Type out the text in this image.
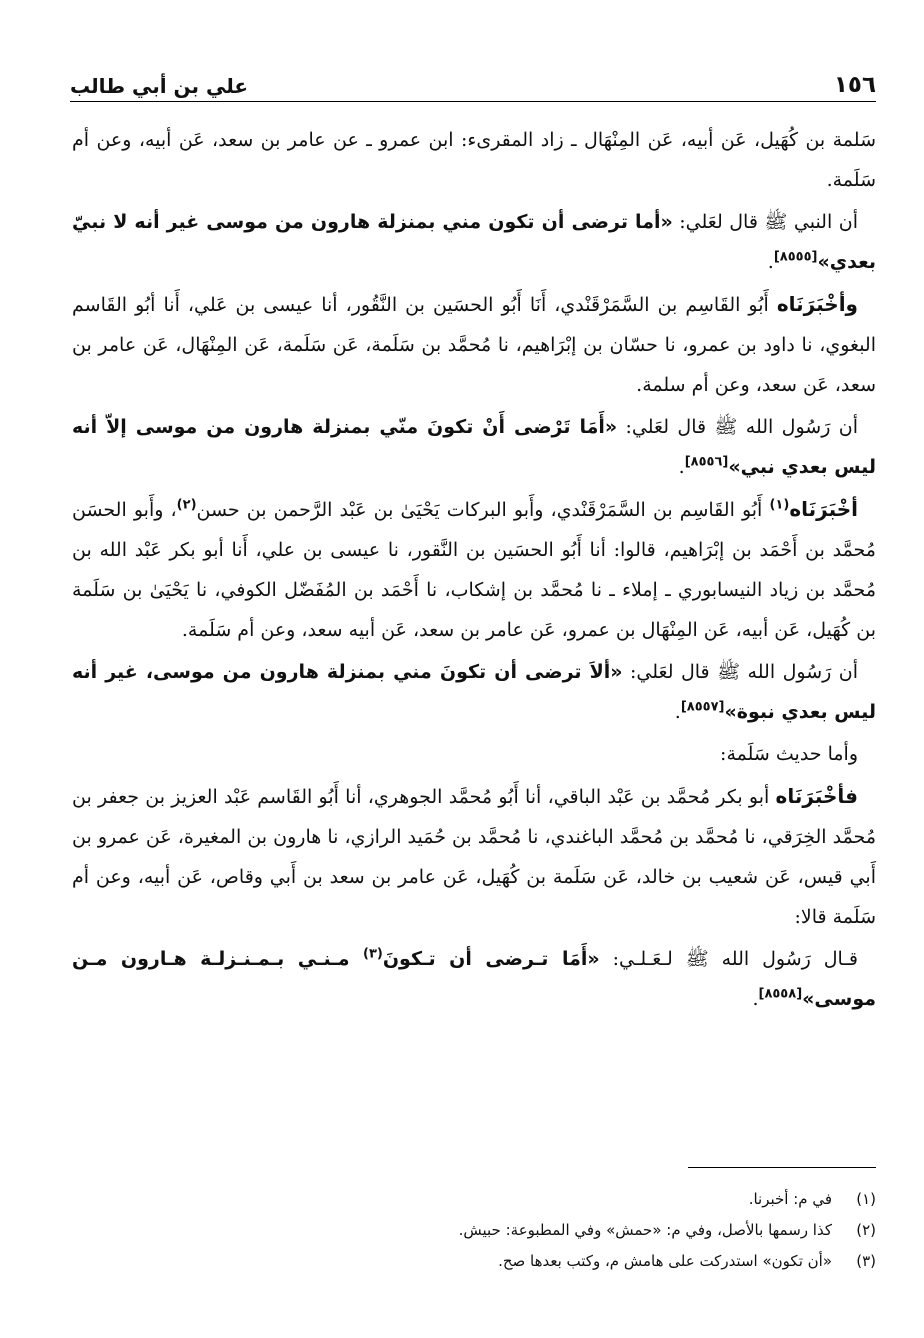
١٥٦
علي بن أبي طالب

سَلمة بن كُهَيل، عَن أبيه، عَن المِنْهَال ـ زاد المقرىء: ابن عمرو ـ عن عامر بن سعد، عَن أبيه، وعن أم سَلَمة.

أن النبي ﷺ قال لعَلي: «أما ترضى أن تكون مني بمنزلة هارون من موسى غير أنه لا نبيّ بعدي»[٨٥٥٥].

وأخْبَرَنَاه أَبُو القَاسِم بن السَّمَرْقَنْدي، أَنَا أَبُو الحسَين بن النَّقُور، أنا عيسى بن عَلي، أَنا أبُو القَاسم البغوي، نا داود بن عمرو، نا حسّان بن إبْرَاهيم، نا مُحمَّد بن سَلَمة، عَن سَلَمة، عَن المِنْهَال، عَن عامر بن سعد، عَن سعد، وعن أم سلمة.

أن رَسُول الله ﷺ قال لعَلي: «أَمَا تَرْضى أَنْ تكونَ منّي بمنزلة هارون من موسى إلاّ أنه ليس بعدي نبي»[٨٥٥٦].

أخْبَرَنَاه$^{(١)}$ أَبُو القَاسِم بن السَّمَرْقَنْدي، وأَبو البركات يَحْيَىٰ بن عَبْد الرَّحمن بن حسن$^{(٢)}$، وأَبو الحسَن مُحمَّد بن أَحْمَد بن إبْرَاهيم، قالوا: أنا أَبُو الحسَين بن النَّقور، نا عيسى بن علي، أَنا أبو بكر عَبْد الله بن مُحمَّد بن زياد النيسابوري ـ إملاء ـ نا مُحمَّد بن إشكاب، نا أَحْمَد بن المُفَضّل الكوفي، نا يَحْيَىٰ بن سَلَمة بن كُهَيل، عَن أبيه، عَن المِنْهَال بن عمرو، عَن عامر بن سعد، عَن أبيه سعد، وعن أم سَلَمة.

أن رَسُول الله ﷺ قال لعَلي: «ألاَ ترضى أن تكونَ مني بمنزلة هارون من موسى، غير أنه ليس بعدي نبوة»[٨٥٥٧].

وأما حديث سَلَمة:

فأخْبَرَنَاه أبو بكر مُحمَّد بن عَبْد الباقي، أنا أَبُو مُحمَّد الجوهري، أنا أَبُو القَاسم عَبْد العزيز بن جعفر بن مُحمَّد الخِرَقي، نا مُحمَّد بن مُحمَّد الباغندي، نا مُحمَّد بن حُمَيد الرازي، نا هارون بن المغيرة، عَن عمرو بن أَبي قيس، عَن شعيب بن خالد، عَن سَلَمة بن كُهَيل، عَن عامر بن سعد بن أَبي وقاص، عَن أبيه، وعن أم سَلَمة قالا:

قـال رَسُول الله ﷺ لـعَـلـي: «أَمَا تـرضى أن تـكونَ$^{(٣)}$ مـنـي بـمـنـزلـة هـارون مـن موسى»[٨٥٥٨].

(١)
في م: أخبرنا.
(٢)
كذا رسمها بالأصل، وفي م: «حمش» وفي المطبوعة: حبيش.
(٣)
«أن تكون» استدركت على هامش م، وكتب بعدها صح.
